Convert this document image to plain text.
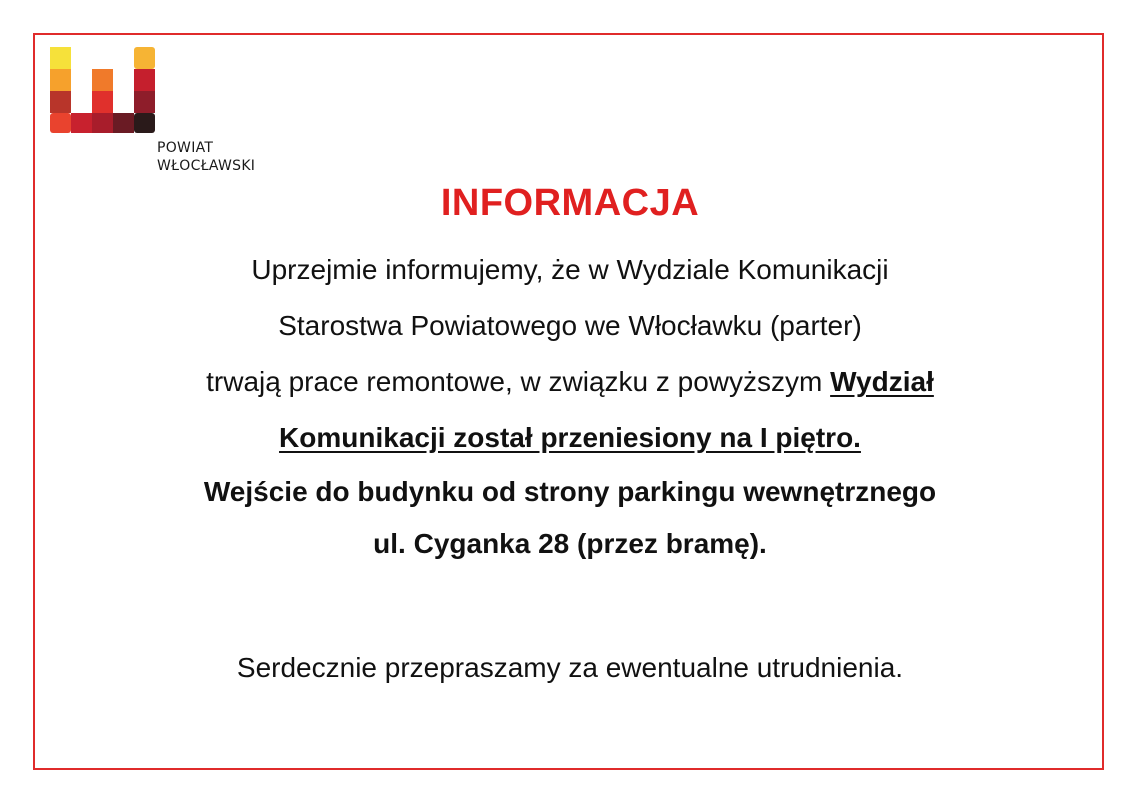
POWIAT
WŁOCŁAWSKI
INFORMACJA
Uprzejmie informujemy, że w Wydziale Komunikacji
Starostwa Powiatowego we Włocławku (parter)
trwają prace remontowe, w związku z powyższym Wydział
Komunikacji został przeniesiony na I piętro.
Wejście do budynku od strony parkingu wewnętrznego
ul. Cyganka 28 (przez bramę).
Serdecznie przepraszamy za ewentualne utrudnienia.
